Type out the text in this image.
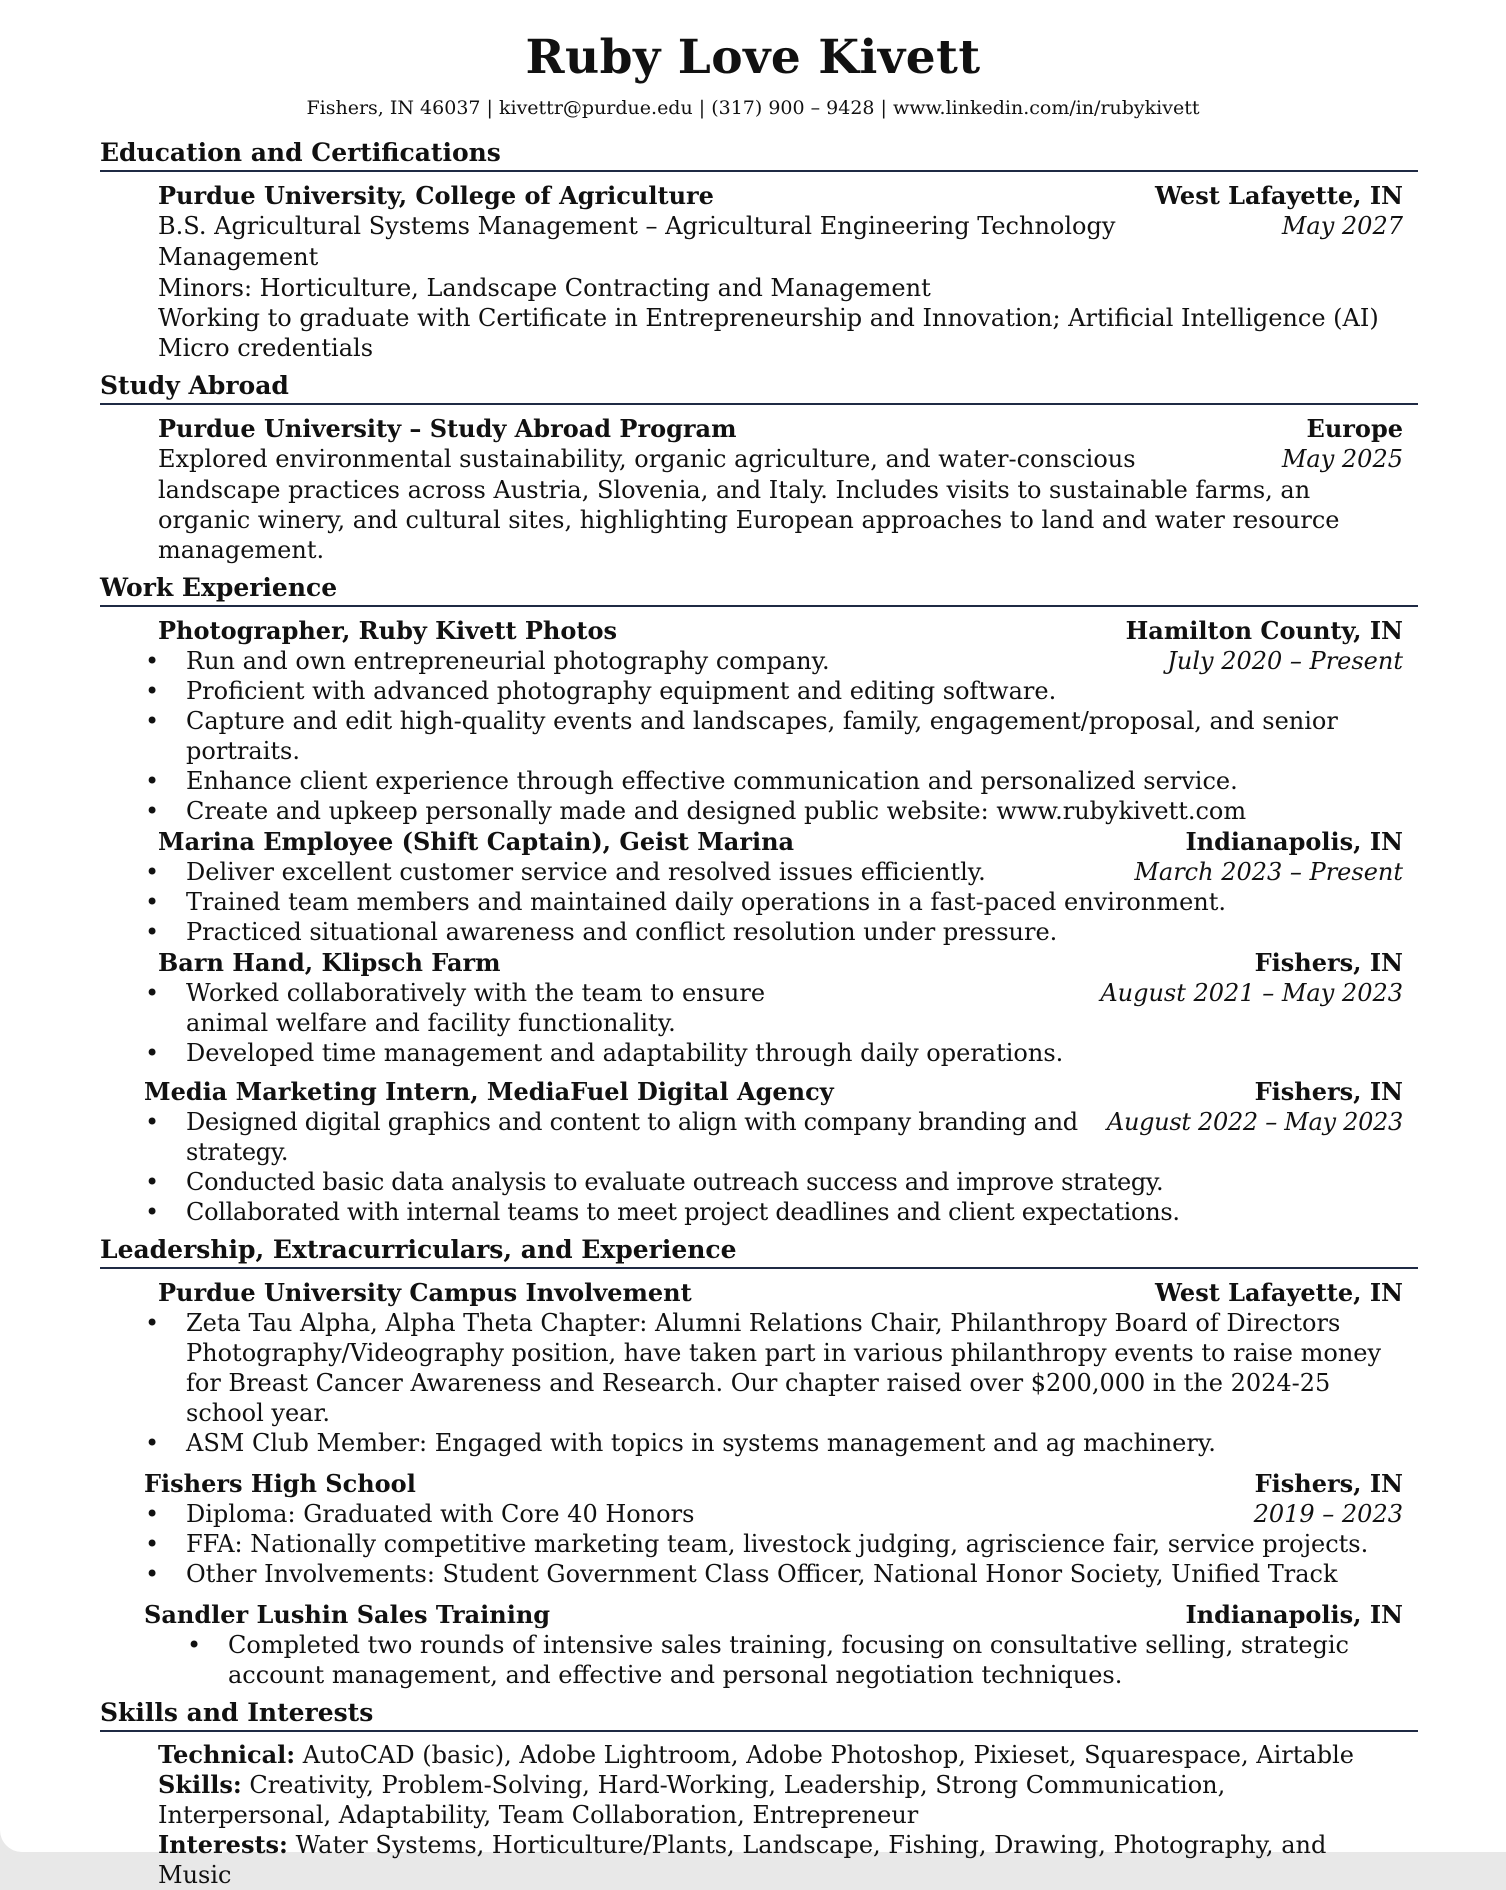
Ruby Love Kivett
Fishers, IN 46037 | kivettr@purdue.edu | (317) 900 – 9428 | www.linkedin.com/in/rubykivett
Education and Certifications
Purdue University, College of Agriculture	West Lafayette, IN
B.S. Agricultural Systems Management – Agricultural Engineering Technology Management
May 2027
Minors: Horticulture, Landscape Contracting and Management
Working to graduate with Certificate in Entrepreneurship and Innovation; Artificial Intelligence (AI) Micro credentials
Study Abroad
Purdue University – Study Abroad Program	Europe
Explored environmental sustainability, organic agriculture, and water-conscious	May 2025
landscape practices across Austria, Slovenia, and Italy. Includes visits to sustainable farms, an organic winery, and cultural sites, highlighting European approaches to land and water resource management.
Work Experience
Photographer, Ruby Kivett Photos	Hamilton County, IN
• Run and own entrepreneurial photography company.	July 2020 – Present
• Proficient with advanced photography equipment and editing software.
• Capture and edit high-quality events and landscapes, family, engagement/proposal, and senior portraits.
• Enhance client experience through effective communication and personalized service.
• Create and upkeep personally made and designed public website: www.rubykivett.com
Marina Employee (Shift Captain), Geist Marina	Indianapolis, IN
• Deliver excellent customer service and resolved issues efficiently.	March 2023 – Present
• Trained team members and maintained daily operations in a fast-paced environment.
• Practiced situational awareness and conflict resolution under pressure.
Barn Hand, Klipsch Farm	Fishers, IN
• Worked collaboratively with the team to ensure
animal welfare and facility functionality.
August 2021 – May 2023
• Developed time management and adaptability through daily operations.
Media Marketing Intern, MediaFuel Digital Agency	Fishers, IN
• Designed digital graphics and content to align with company branding and strategy.
August 2022 – May 2023
• Conducted basic data analysis to evaluate outreach success and improve strategy.
• Collaborated with internal teams to meet project deadlines and client expectations.
Leadership, Extracurriculars, and Experience
Purdue University Campus Involvement	West Lafayette, IN
• Zeta Tau Alpha, Alpha Theta Chapter: Alumni Relations Chair, Philanthropy Board of Directors Photography/Videography position, have taken part in various philanthropy events to raise money for Breast Cancer Awareness and Research. Our chapter raised over $200,000 in the 2024-25 school year.
• ASM Club Member: Engaged with topics in systems management and ag machinery.
Fishers High School	Fishers, IN
• Diploma: Graduated with Core 40 Honors	2019 – 2023
• FFA: Nationally competitive marketing team, livestock judging, agriscience fair, service projects.
• Other Involvements: Student Government Class Officer, National Honor Society, Unified Track
Sandler Lushin Sales Training	Indianapolis, IN
• Completed two rounds of intensive sales training, focusing on consultative selling, strategic account management, and effective and personal negotiation techniques.
Skills and Interests
Technical: AutoCAD (basic), Adobe Lightroom, Adobe Photoshop, Pixieset, Squarespace, Airtable
Skills: Creativity, Problem-Solving, Hard-Working, Leadership, Strong Communication, Interpersonal, Adaptability, Team Collaboration, Entrepreneur
Interests: Water Systems, Horticulture/Plants, Landscape, Fishing, Drawing, Photography, and Music
